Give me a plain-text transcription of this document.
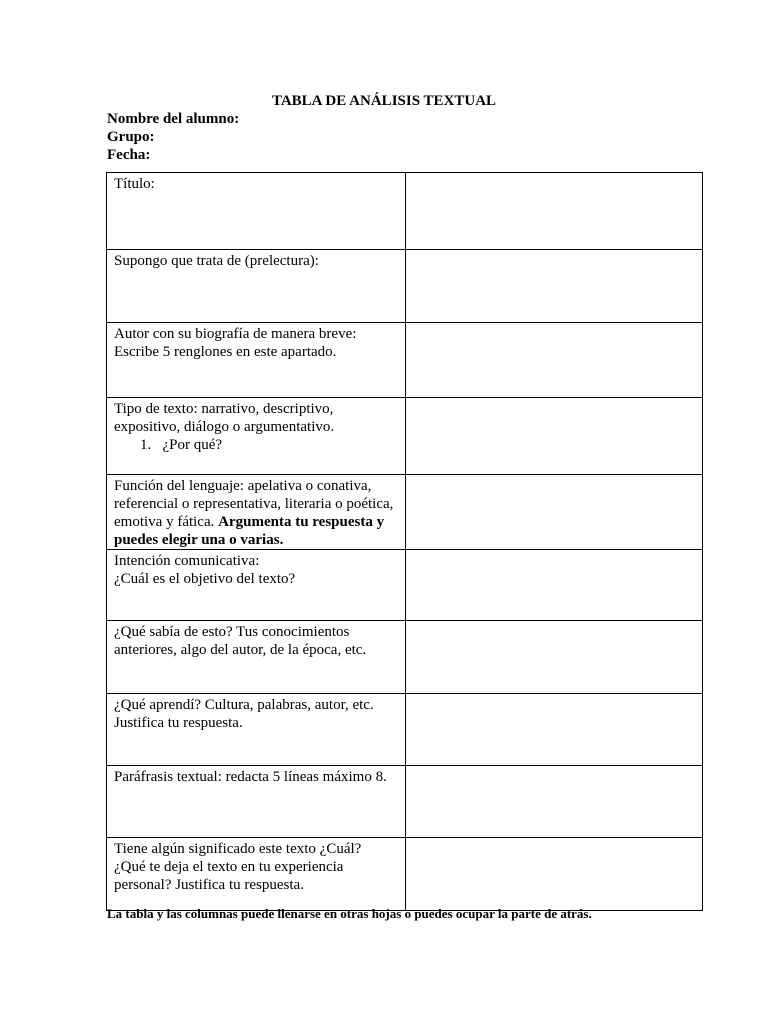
TABLA DE ANÁLISIS TEXTUAL
Nombre del alumno:
Grupo:
Fecha:
Título:	

Supongo que trata de (prelectura):	

Autor con su biografía de manera breve:
Escribe 5 renglones en este apartado.	

Tipo de texto: narrativo, descriptivo,
expositivo, diálogo o argumentativo.
1. ¿Por qué?	

Función del lenguaje: apelativa o conativa,
referencial o representativa, literaria o poética,
emotiva y fática. Argumenta tu respuesta y
puedes elegir una o varias.	

Intención comunicativa:
¿Cuál es el objetivo del texto?	

¿Qué sabía de esto? Tus conocimientos
anteriores, algo del autor, de la época, etc.	

¿Qué aprendí? Cultura, palabras, autor, etc.
Justifica tu respuesta.	

Paráfrasis textual: redacta 5 líneas máximo 8.	

Tiene algún significado este texto ¿Cuál?
¿Qué te deja el texto en tu experiencia
personal? Justifica tu respuesta.	

La tabla y las columnas puede llenarse en otras hojas o puedes ocupar la parte de atrás.
